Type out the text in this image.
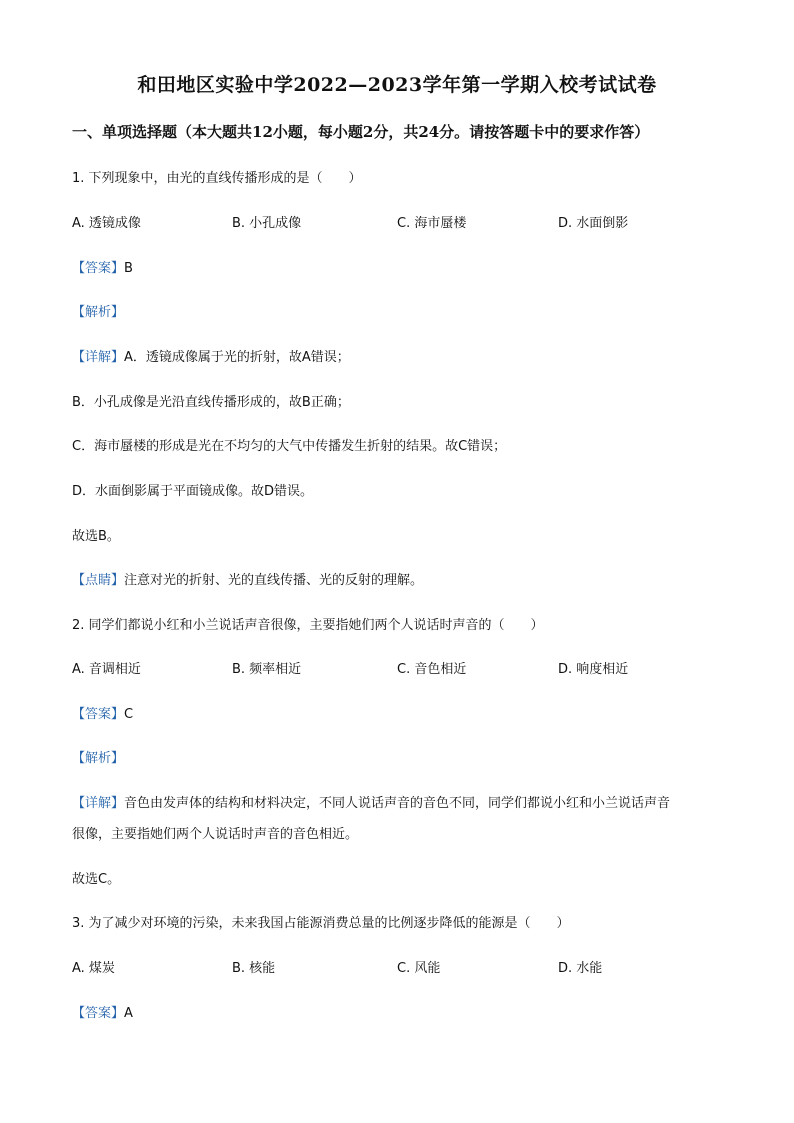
和田地区实验中学2022—2023学年第一学期入校考试试卷
一、单项选择题（本大题共12小题，每小题2分，共24分。请按答题卡中的要求作答）
1. 下列现象中，由光的直线传播形成的是（　　）
A. 透镜成像	B. 小孔成像	C. 海市蜃楼	D. 水面倒影
【答案】B
【解析】
【详解】A．透镜成像属于光的折射，故A错误；
B．小孔成像是光沿直线传播形成的，故B正确；
C．海市蜃楼的形成是光在不均匀的大气中传播发生折射的结果。故C错误；
D．水面倒影属于平面镜成像。故D错误。
故选B。
【点睛】注意对光的折射、光的直线传播、光的反射的理解。
2. 同学们都说小红和小兰说话声音很像，主要指她们两个人说话时声音的（　　）
A. 音调相近	B. 频率相近	C. 音色相近	D. 响度相近
【答案】C
【解析】
【详解】音色由发声体的结构和材料决定，不同人说话声音的音色不同，同学们都说小红和小兰说话声音
很像，主要指她们两个人说话时声音的音色相近。
故选C。
3. 为了减少对环境的污染，未来我国占能源消费总量的比例逐步降低的能源是（　　）
A. 煤炭	B. 核能	C. 风能	D. 水能
【答案】A
